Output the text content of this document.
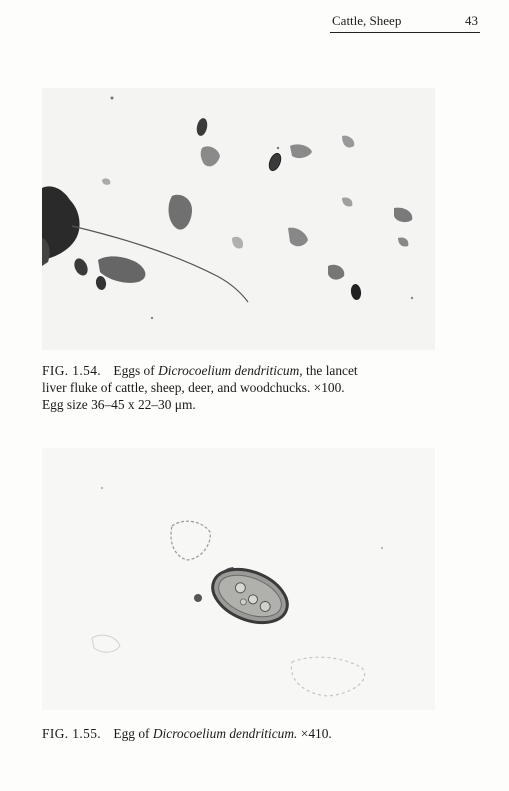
Cattle, Sheep	43
FIG. 1.54. Eggs of Dicrocoelium dendriticum, the lancet
liver fluke of cattle, sheep, deer, and woodchucks. ×100.
Egg size 36–45 x 22–30 μm.
FIG. 1.55. Egg of Dicrocoelium dendriticum. ×410.
